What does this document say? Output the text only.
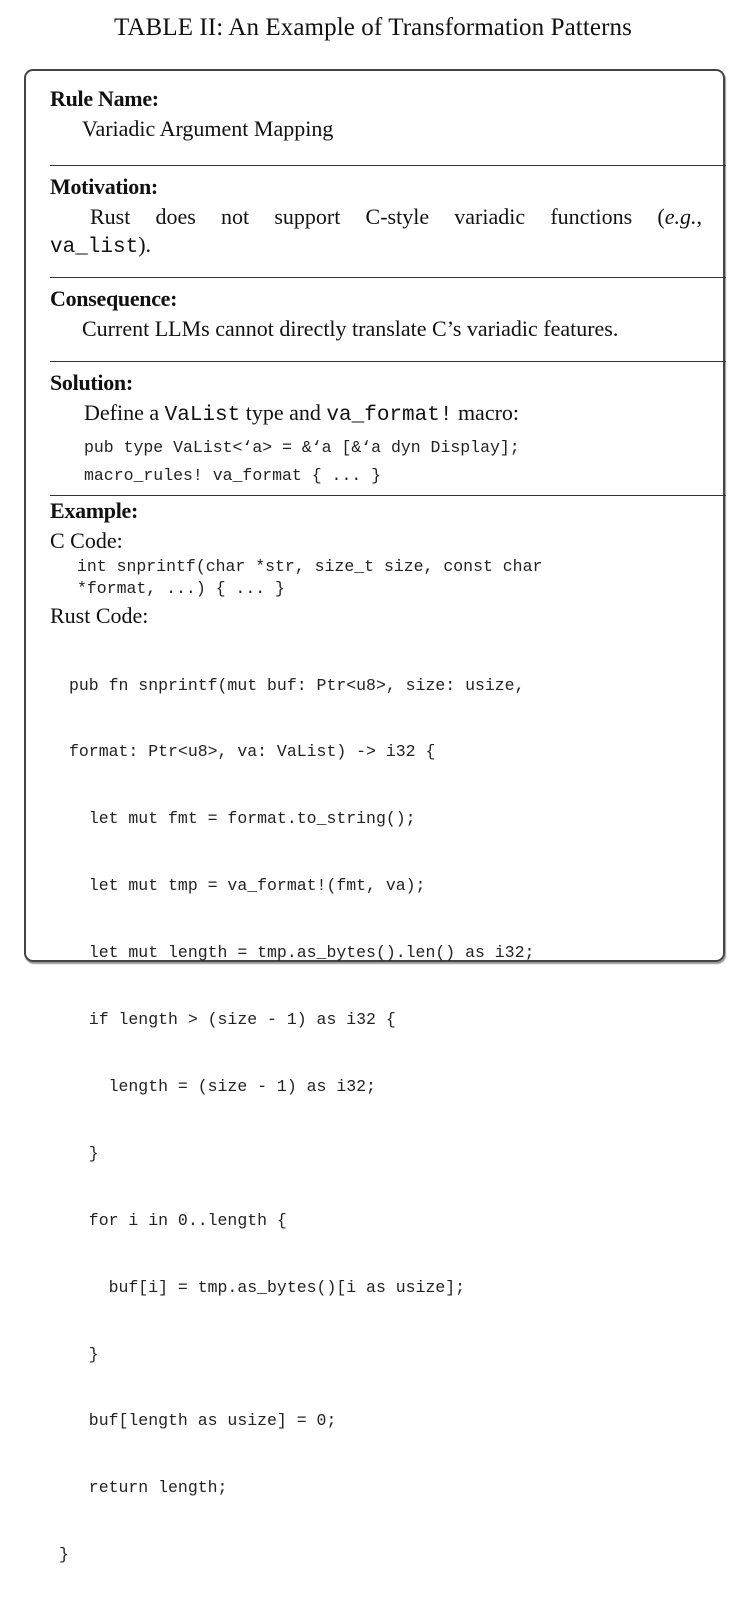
TABLE II: An Example of Transformation Patterns
Rule Name:
Variadic Argument Mapping
Motivation:
Rust does not support C-style variadic functions (e.g.,
va_list).
Consequence:
Current LLMs cannot directly translate C’s variadic features.
Solution:
Define a VaList type and va_format! macro:
pub type VaList<‘a> = &‘a [&‘a dyn Display];
macro_rules! va_format { ... }
Example:
C Code:
int snprintf(char *str, size_t size, const char
*format, ...) { ... }
Rust Code:

pub fn snprintf(mut buf: Ptr<u8>, size: usize,

format: Ptr<u8>, va: VaList) -> i32 {

let mut fmt = format.to_string();

let mut tmp = va_format!(fmt, va);

let mut length = tmp.as_bytes().len() as i32;

if length > (size - 1) as i32 {

length = (size - 1) as i32;

}

for i in 0..length {

buf[i] = tmp.as_bytes()[i as usize];

}

buf[length as usize] = 0;

return length;

}
